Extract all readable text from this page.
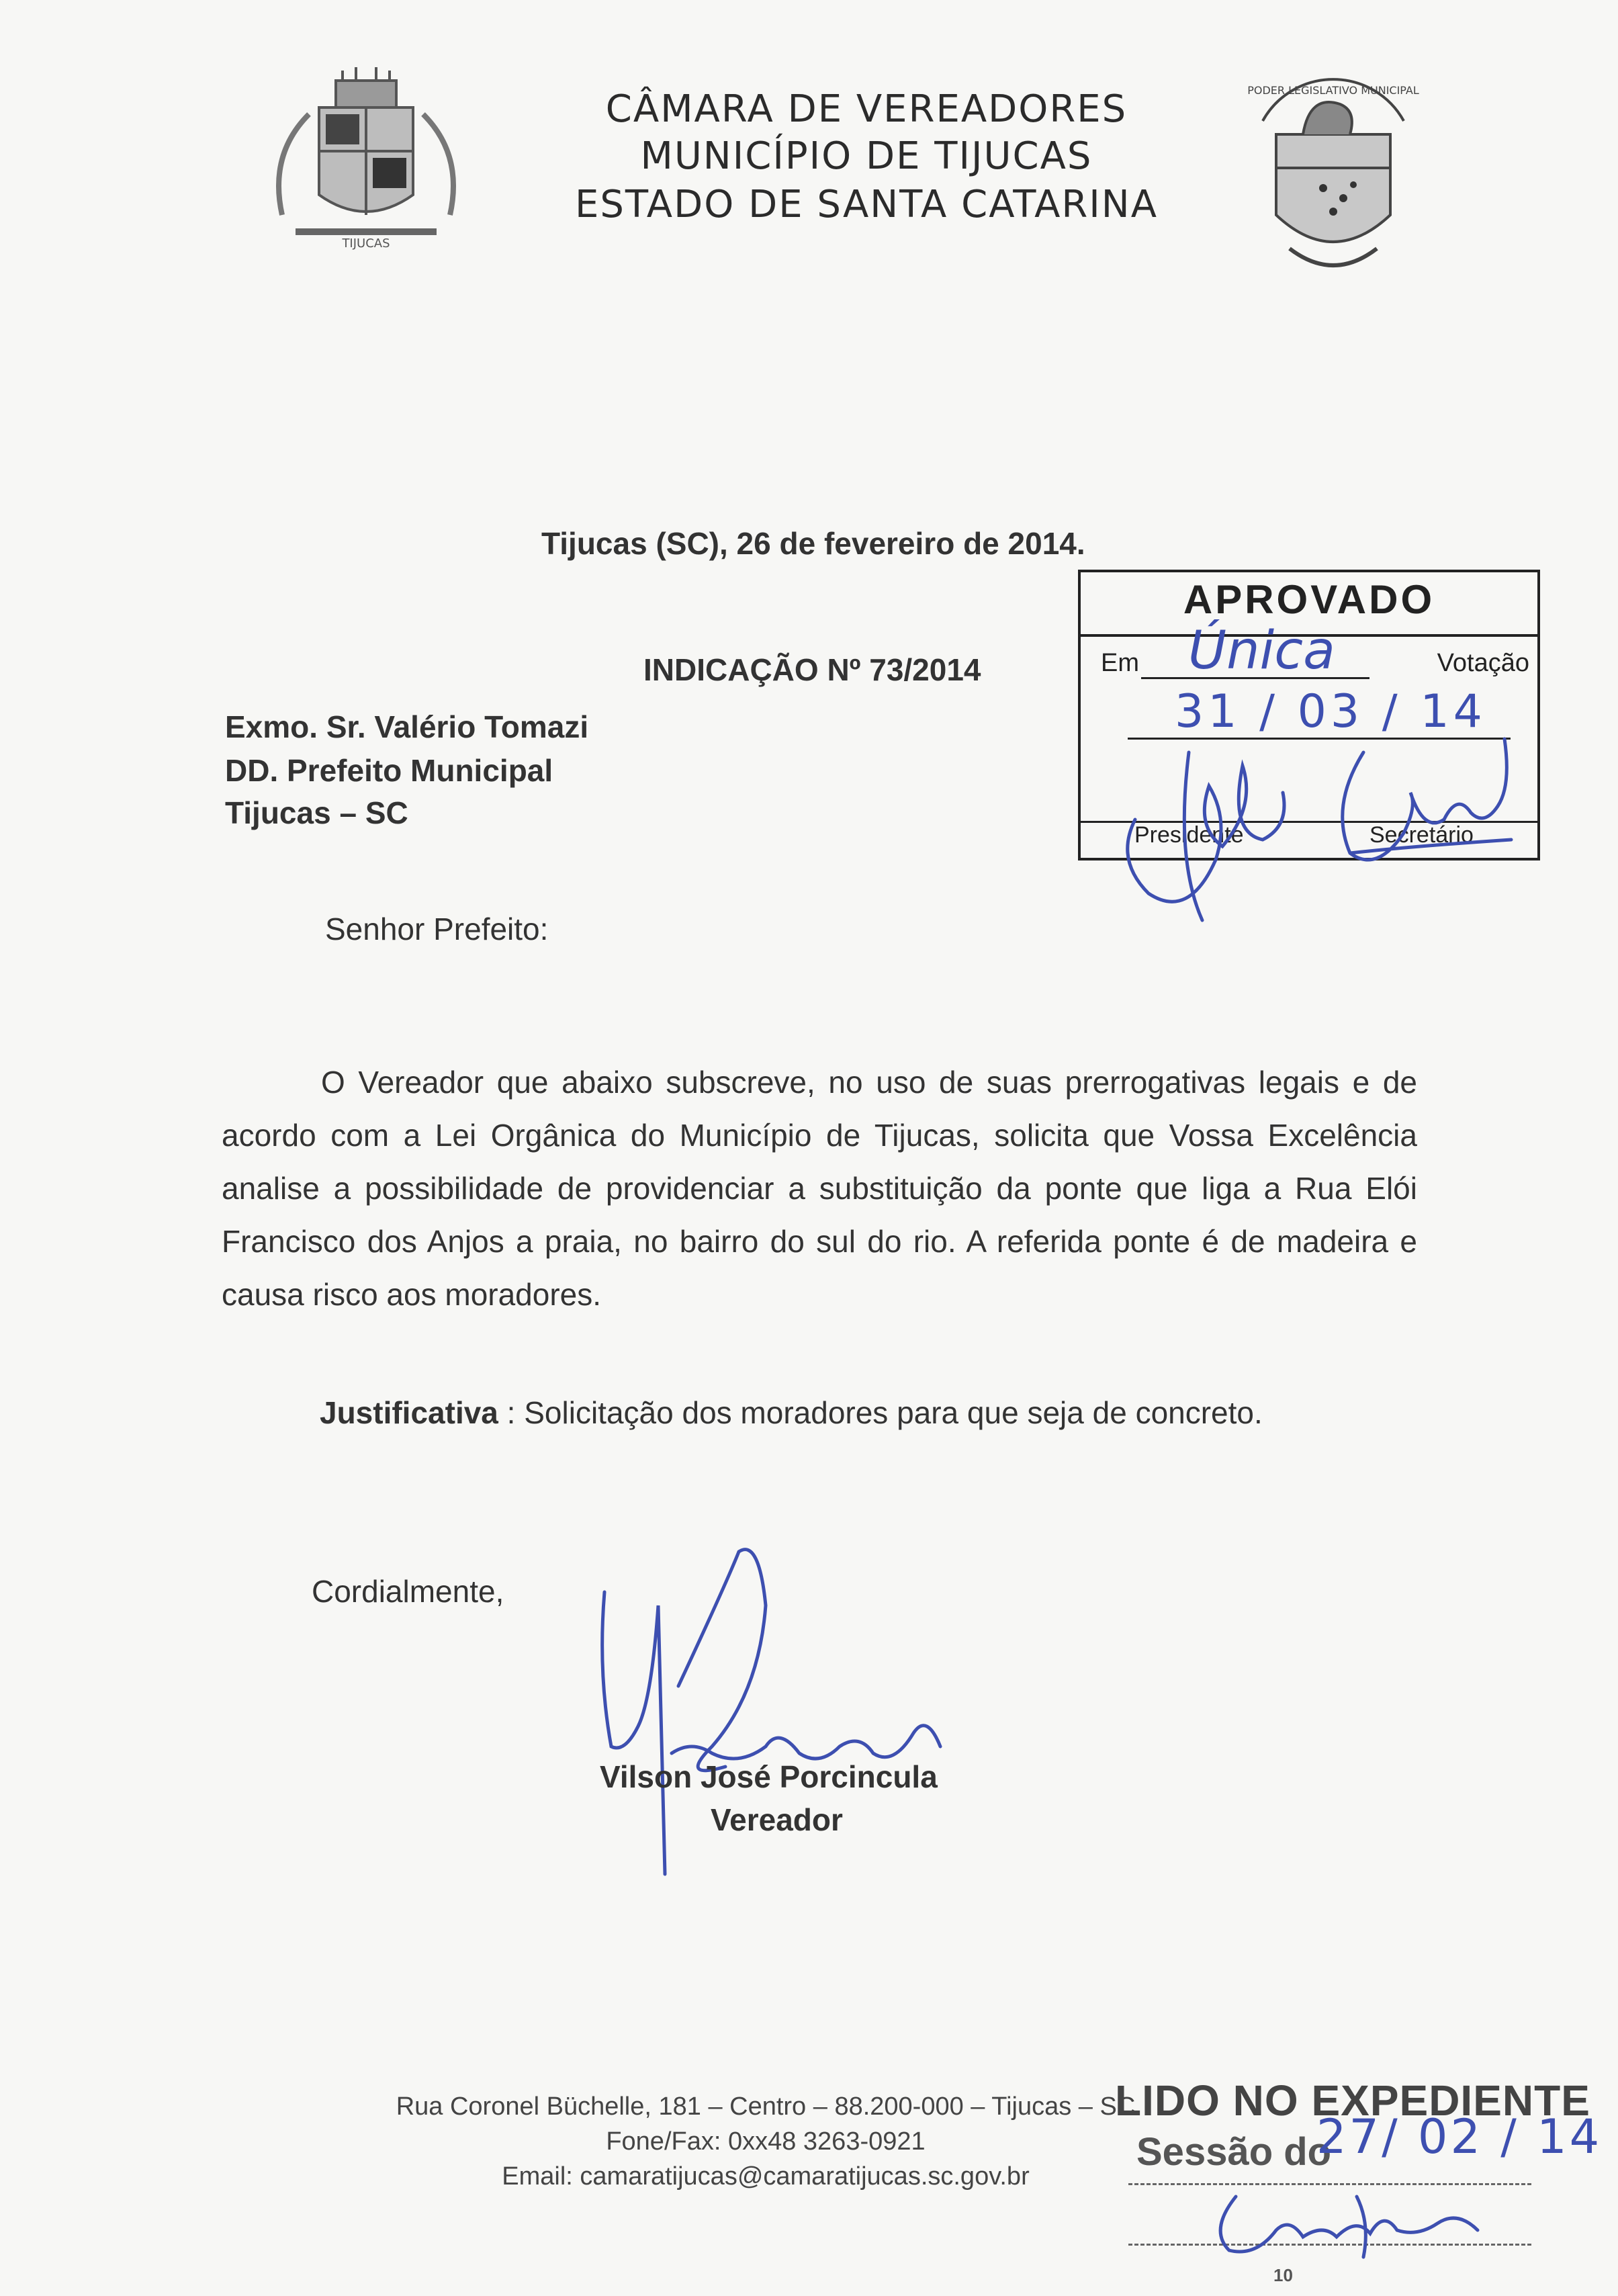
TIJUCAS
PODER LEGISLATIVO MUNICIPAL
CÂMARA DE VEREADORES
MUNICÍPIO DE TIJUCAS
ESTADO DE SANTA CATARINA
Tijucas (SC), 26 de fevereiro de 2014.
INDICAÇÃO Nº 73/2014
Exmo. Sr. Valério Tomazi
DD. Prefeito Municipal
Tijucas – SC
APROVADO
Em	Votação
Presidente	Secretário
Única
31 / 03 / 14
Senhor Prefeito:
O Vereador que abaixo subscreve, no uso de suas prerrogativas legais e de acordo com a Lei Orgânica do Município de Tijucas, solicita que Vossa Excelência analise a possibilidade de providenciar a substituição da ponte que liga a Rua Elói Francisco dos Anjos a praia, no bairro do sul do rio. A referida ponte é de madeira e causa risco aos moradores.
Justificativa : Solicitação dos moradores para que seja de concreto.
Cordialmente,
Vilson José Porcincula
Vereador
Rua Coronel Büchelle, 181 – Centro – 88.200-000 – Tijucas – SC
Fone/Fax: 0xx48 3263-0921
Email: camaratijucas@camaratijucas.sc.gov.br
LIDO NO EXPEDIENTE
Sessão do
27/ 02 / 14
10
